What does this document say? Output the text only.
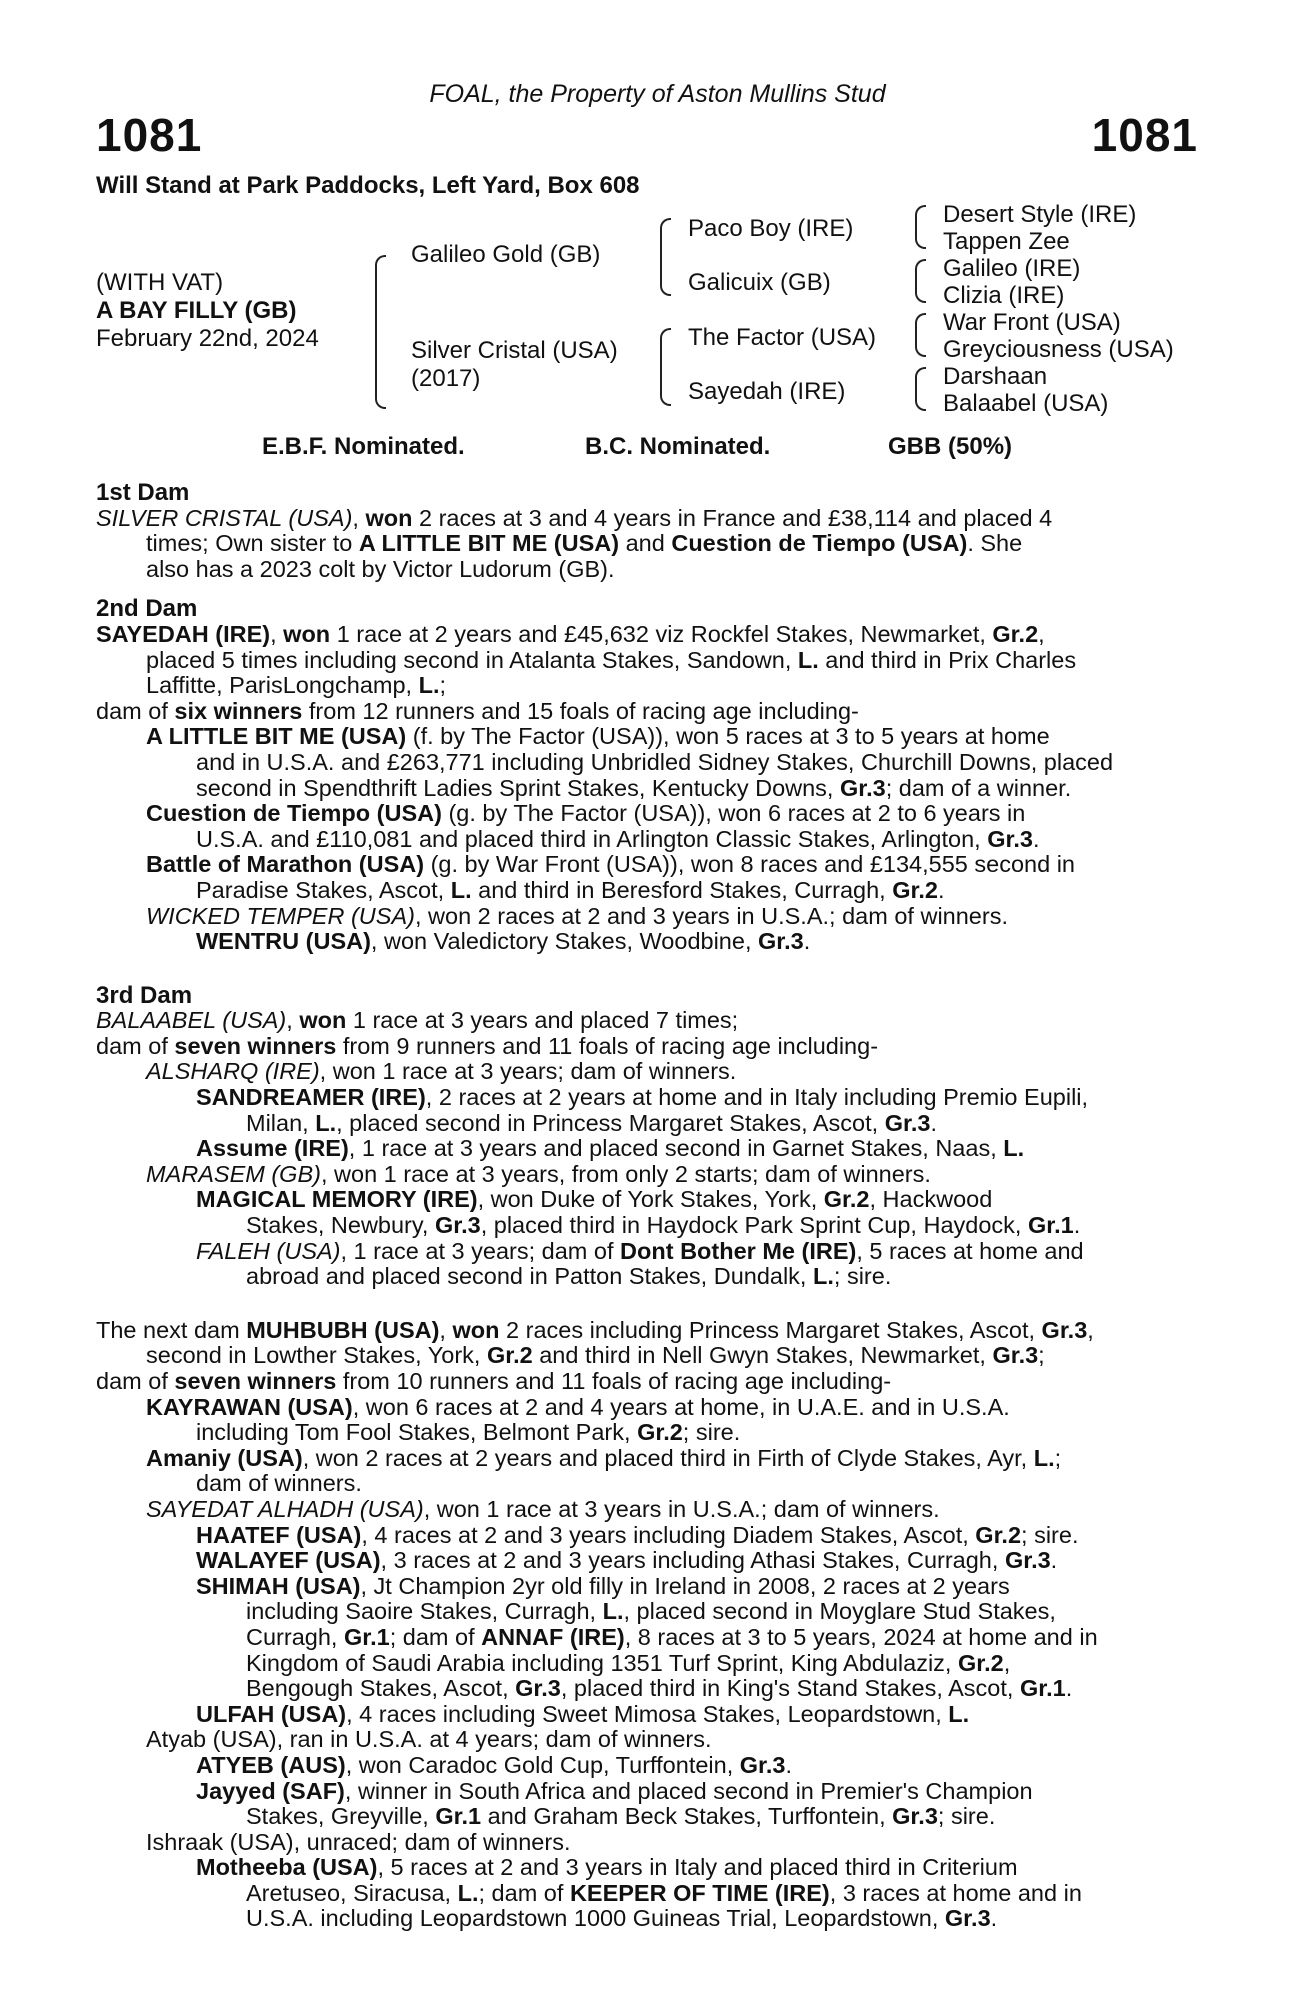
FOAL, the Property of Aston Mullins Stud
1081	1081
Will Stand at Park Paddocks, Left Yard, Box 608
(WITH VAT)
A BAY FILLY (GB)
February 22nd, 2024
Galileo Gold (GB)
Silver Cristal (USA)
(2017)
Paco Boy (IRE)
Galicuix (GB)
The Factor (USA)
Sayedah (IRE)
Desert Style (IRE)
Tappen Zee
Galileo (IRE)
Clizia (IRE)
War Front (USA)
Greyciousness (USA)
Darshaan
Balaabel (USA)
E.B.F. Nominated.	B.C. Nominated.	GBB (50%)
1st Dam
SILVER CRISTAL (USA), won 2 races at 3 and 4 years in France and £38,114 and placed 4
times; Own sister to A LITTLE BIT ME (USA) and Cuestion de Tiempo (USA). She
also has a 2023 colt by Victor Ludorum (GB).
2nd Dam
SAYEDAH (IRE), won 1 race at 2 years and £45,632 viz Rockfel Stakes, Newmarket, Gr.2,
placed 5 times including second in Atalanta Stakes, Sandown, L. and third in Prix Charles
Laffitte, ParisLongchamp, L.;
dam of six winners from 12 runners and 15 foals of racing age including-
A LITTLE BIT ME (USA) (f. by The Factor (USA)), won 5 races at 3 to 5 years at home
and in U.S.A. and £263,771 including Unbridled Sidney Stakes, Churchill Downs, placed
second in Spendthrift Ladies Sprint Stakes, Kentucky Downs, Gr.3; dam of a winner.
Cuestion de Tiempo (USA) (g. by The Factor (USA)), won 6 races at 2 to 6 years in
U.S.A. and £110,081 and placed third in Arlington Classic Stakes, Arlington, Gr.3.
Battle of Marathon (USA) (g. by War Front (USA)), won 8 races and £134,555 second in
Paradise Stakes, Ascot, L. and third in Beresford Stakes, Curragh, Gr.2.
WICKED TEMPER (USA), won 2 races at 2 and 3 years in U.S.A.; dam of winners.
WENTRU (USA), won Valedictory Stakes, Woodbine, Gr.3.
3rd Dam
BALAABEL (USA), won 1 race at 3 years and placed 7 times;
dam of seven winners from 9 runners and 11 foals of racing age including-
ALSHARQ (IRE), won 1 race at 3 years; dam of winners.
SANDREAMER (IRE), 2 races at 2 years at home and in Italy including Premio Eupili,
Milan, L., placed second in Princess Margaret Stakes, Ascot, Gr.3.
Assume (IRE), 1 race at 3 years and placed second in Garnet Stakes, Naas, L.
MARASEM (GB), won 1 race at 3 years, from only 2 starts; dam of winners.
MAGICAL MEMORY (IRE), won Duke of York Stakes, York, Gr.2, Hackwood
Stakes, Newbury, Gr.3, placed third in Haydock Park Sprint Cup, Haydock, Gr.1.
FALEH (USA), 1 race at 3 years; dam of Dont Bother Me (IRE), 5 races at home and
abroad and placed second in Patton Stakes, Dundalk, L.; sire.
The next dam MUHBUBH (USA), won 2 races including Princess Margaret Stakes, Ascot, Gr.3,
second in Lowther Stakes, York, Gr.2 and third in Nell Gwyn Stakes, Newmarket, Gr.3;
dam of seven winners from 10 runners and 11 foals of racing age including-
KAYRAWAN (USA), won 6 races at 2 and 4 years at home, in U.A.E. and in U.S.A.
including Tom Fool Stakes, Belmont Park, Gr.2; sire.
Amaniy (USA), won 2 races at 2 years and placed third in Firth of Clyde Stakes, Ayr, L.;
dam of winners.
SAYEDAT ALHADH (USA), won 1 race at 3 years in U.S.A.; dam of winners.
HAATEF (USA), 4 races at 2 and 3 years including Diadem Stakes, Ascot, Gr.2; sire.
WALAYEF (USA), 3 races at 2 and 3 years including Athasi Stakes, Curragh, Gr.3.
SHIMAH (USA), Jt Champion 2yr old filly in Ireland in 2008, 2 races at 2 years
including Saoire Stakes, Curragh, L., placed second in Moyglare Stud Stakes,
Curragh, Gr.1; dam of ANNAF (IRE), 8 races at 3 to 5 years, 2024 at home and in
Kingdom of Saudi Arabia including 1351 Turf Sprint, King Abdulaziz, Gr.2,
Bengough Stakes, Ascot, Gr.3, placed third in King's Stand Stakes, Ascot, Gr.1.
ULFAH (USA), 4 races including Sweet Mimosa Stakes, Leopardstown, L.
Atyab (USA), ran in U.S.A. at 4 years; dam of winners.
ATYEB (AUS), won Caradoc Gold Cup, Turffontein, Gr.3.
Jayyed (SAF), winner in South Africa and placed second in Premier's Champion
Stakes, Greyville, Gr.1 and Graham Beck Stakes, Turffontein, Gr.3; sire.
Ishraak (USA), unraced; dam of winners.
Motheeba (USA), 5 races at 2 and 3 years in Italy and placed third in Criterium
Aretuseo, Siracusa, L.; dam of KEEPER OF TIME (IRE), 3 races at home and in
U.S.A. including Leopardstown 1000 Guineas Trial, Leopardstown, Gr.3.
